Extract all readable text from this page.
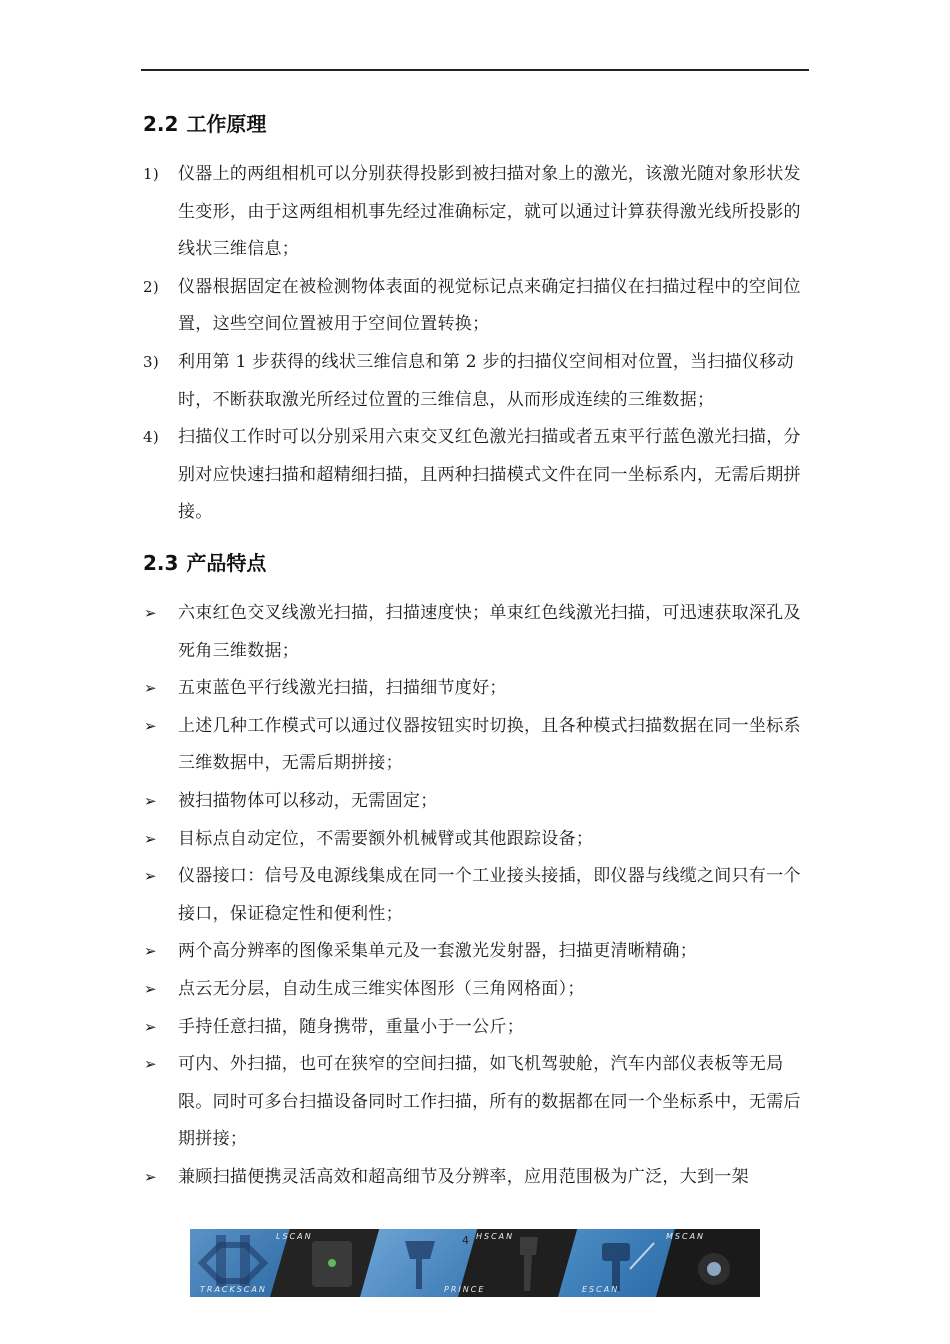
2.2 工作原理
1) 仪器上的两组相机可以分别获得投影到被扫描对象上的激光，该激光随对象形状发生变形，由于这两组相机事先经过准确标定，就可以通过计算获得激光线所投影的线状三维信息；
2) 仪器根据固定在被检测物体表面的视觉标记点来确定扫描仪在扫描过程中的空间位置，这些空间位置被用于空间位置转换；
3) 利用第 1 步获得的线状三维信息和第 2 步的扫描仪空间相对位置，当扫描仪移动时，不断获取激光所经过位置的三维信息，从而形成连续的三维数据；
4) 扫描仪工作时可以分别采用六束交叉红色激光扫描或者五束平行蓝色激光扫描，分别对应快速扫描和超精细扫描，且两种扫描模式文件在同一坐标系内，无需后期拼接。
2.3 产品特点
➢ 六束红色交叉线激光扫描，扫描速度快；单束红色线激光扫描，可迅速获取深孔及死角三维数据；
➢ 五束蓝色平行线激光扫描，扫描细节度好；
➢ 上述几种工作模式可以通过仪器按钮实时切换，且各种模式扫描数据在同一坐标系三维数据中，无需后期拼接；
➢ 被扫描物体可以移动，无需固定；
➢ 目标点自动定位，不需要额外机械臂或其他跟踪设备；
➢ 仪器接口：信号及电源线集成在同一个工业接头接插，即仪器与线缆之间只有一个接口，保证稳定性和便利性；
➢ 两个高分辨率的图像采集单元及一套激光发射器，扫描更清晰精确；
➢ 点云无分层，自动生成三维实体图形（三角网格面）；
➢ 手持任意扫描，随身携带，重量小于一公斤；
➢ 可内、外扫描，也可在狭窄的空间扫描，如飞机驾驶舱，汽车内部仪表板等无局限。同时可多台扫描设备同时工作扫描，所有的数据都在同一个坐标系中，无需后期拼接；
➢ 兼顾扫描便携灵活高效和超高细节及分辨率，应用范围极为广泛，大到一架
TRACKSCAN
LSCAN
PRINCE
HSCAN
ESCAN
MSCAN
4
